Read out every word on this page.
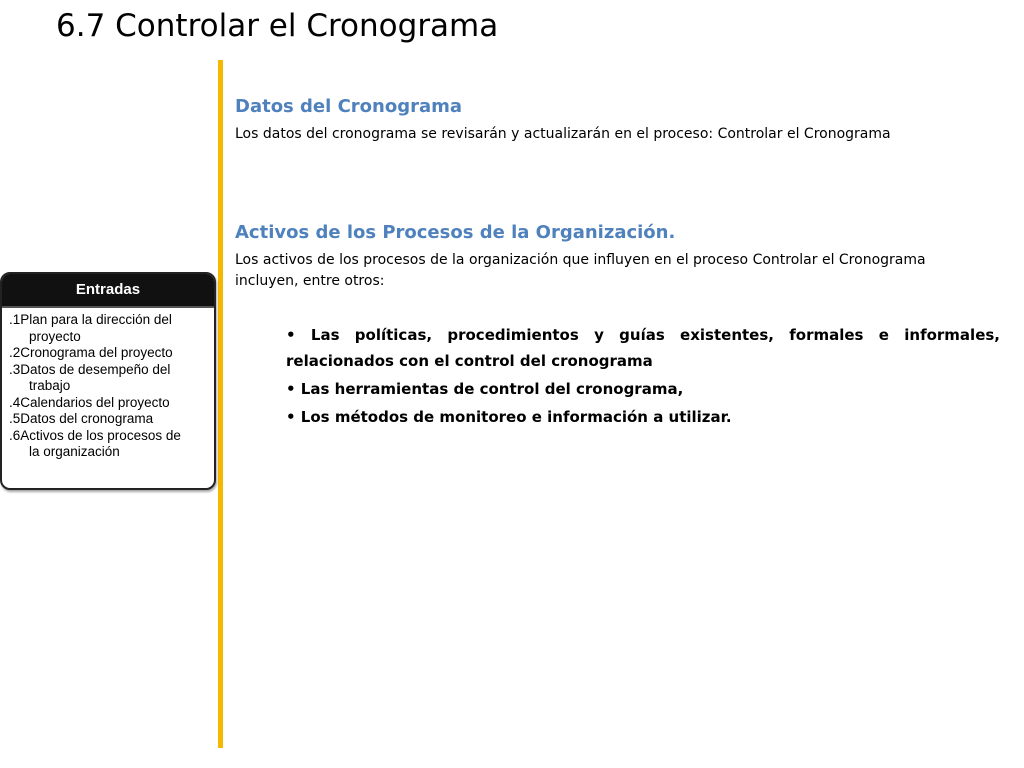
6.7 Controlar el Cronograma
Entradas
.1Plan para la dirección del
proyecto
.2Cronograma del proyecto
.3Datos de desempeño del
trabajo
.4Calendarios del proyecto
.5Datos del cronograma
.6Activos de los procesos de
la organización
Datos del Cronograma
Los datos del cronograma se revisarán y actualizarán en el proceso: Controlar el Cronograma
Activos de los Procesos de la Organización.
Los activos de los procesos de la organización que influyen en el proceso Controlar el Cronograma incluyen, entre otros:
• Las políticas, procedimientos y guías existentes, formales e informales, relacionados con el control del cronograma
• Las herramientas de control del cronograma,
• Los métodos de monitoreo e información a utilizar.
